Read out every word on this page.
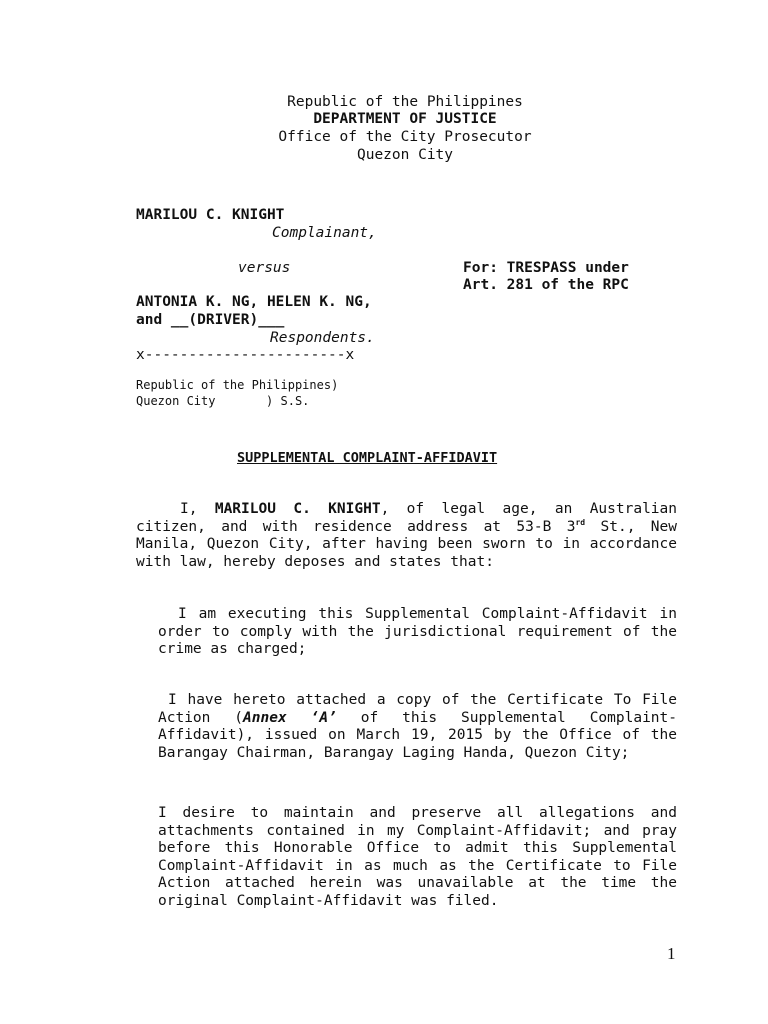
Republic of the Philippines
DEPARTMENT OF JUSTICE
Office of the City Prosecutor
Quezon City
MARILOU C. KNIGHT
Complainant,
versus	For: TRESPASS under
Art. 281 of the RPC
ANTONIA K. NG, HELEN K. NG,
and __(DRIVER)___
Respondents.
x-----------------------x
Republic of the Philippines)
Quezon City       ) S.S.
SUPPLEMENTAL COMPLAINT-AFFIDAVIT
I, MARILOU C. KNIGHT, of legal age, an Australian citizen, and with residence address at 53-B 3rd St., New Manila, Quezon City, after having been sworn to in accordance with law, hereby deposes and states that:
I am executing this Supplemental Complaint-Affidavit in order to comply with the jurisdictional requirement of the crime as charged;
I have hereto attached a copy of the Certificate To File Action (Annex ‘A’ of this Supplemental Complaint-Affidavit), issued on March 19, 2015 by the Office of the Barangay Chairman, Barangay Laging Handa, Quezon City;
I desire to maintain and preserve all allegations and attachments contained in my Complaint-Affidavit; and pray before this Honorable Office to admit this Supplemental Complaint-Affidavit in as much as the Certificate to File Action attached herein was unavailable at the time the original Complaint-Affidavit was filed.
1
